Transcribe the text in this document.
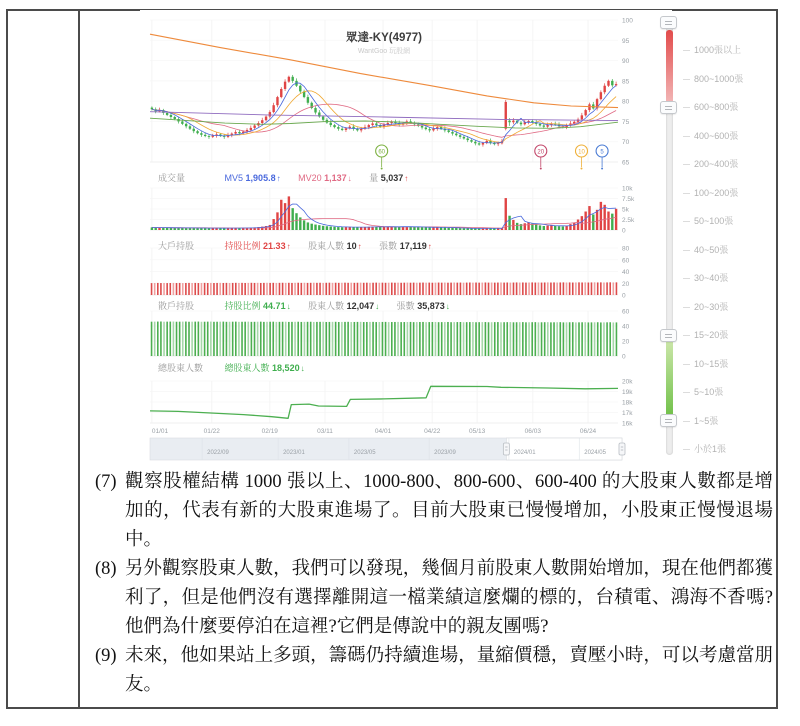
100
95
90
85
80
75
70
65
10k
7.5k
5k
2.5k
0
80
60
40
20
0
60
40
20
0
20k
19k
18k
17k
16k
60	20	10	5
01/01	01/22	02/19	03/11	04/01	04/22	05/13	06/03	06/24
2022/09	2023/01	2023/05	2023/09	2024/01	2024/05
眾達-KY(4977)
WantGoo 玩股網
成交量	MV5 1,905.8↑ MV20 1,137↓ 量 5,037↑
大戶持股	持股比例 21.33↑ 股東人數 10↑ 張數 17,119↑
散戶持股	持股比例 44.71↓ 股東人數 12,047↓ 張數 35,873↓
總股東人數 總股東人數 18,520↓
1000張以上
800~1000張
600~800張
400~600張
200~400張
100~200張
50~100張
40~50張
30~40張
20~30張
15~20張
10~15張
5~10張
1~5張
小於1張
(7) 觀察股權結構 1000 張以上、1000-800、800-600、600-400 的大股東人數都是增加的，代表有新的大股東進場了。目前大股東已慢慢增加，小股東正慢慢退場中。
(8) 另外觀察股東人數，我們可以發現，幾個月前股東人數開始增加，現在他們都獲利了，但是他們沒有選擇離開這一檔業績這麼爛的標的，台積電、鴻海不香嗎?他們為什麼要停泊在這裡?它們是傳說中的親友團嗎?
(9) 未來，他如果站上多頭，籌碼仍持續進場，量縮價穩，賣壓小時，可以考慮當朋友。
